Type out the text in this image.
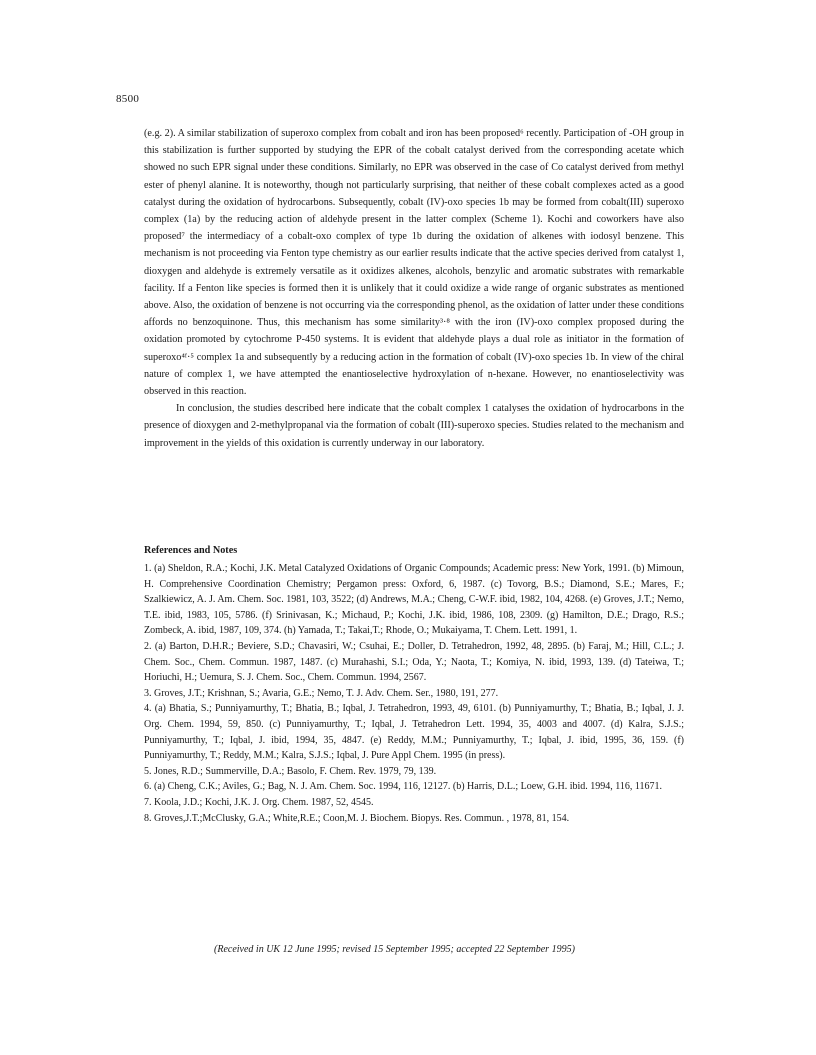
8500

(e.g. 2). A similar stabilization of superoxo complex from cobalt and iron has been proposed⁶ recently. Participation of -OH group in this stabilization is further supported by studying the EPR of the cobalt catalyst derived from the corresponding acetate which showed no such EPR signal under these conditions. Similarly, no EPR was observed in the case of Co catalyst derived from methyl ester of phenyl alanine. It is noteworthy, though not particularly surprising, that neither of these cobalt complexes acted as a good catalyst during the oxidation of hydrocarbons. Subsequently, cobalt (IV)-oxo species 1b may be formed from cobalt(III) superoxo complex (1a) by the reducing action of aldehyde present in the latter complex (Scheme 1). Kochi and coworkers have also proposed⁷ the intermediacy of a cobalt-oxo complex of type 1b during the oxidation of alkenes with iodosyl benzene. This mechanism is not proceeding via Fenton type chemistry as our earlier results indicate that the active species derived from catalyst 1, dioxygen and aldehyde is extremely versatile as it oxidizes alkenes, alcohols, benzylic and aromatic substrates with remarkable facility. If a Fenton like species is formed then it is unlikely that it could oxidize a wide range of organic substrates as mentioned above. Also, the oxidation of benzene is not occurring via the corresponding phenol, as the oxidation of latter under these conditions affords no benzoquinone. Thus, this mechanism has some similarity³·⁸ with the iron (IV)-oxo complex proposed during the oxidation promoted by cytochrome P-450 systems. It is evident that aldehyde plays a dual role as initiator in the formation of superoxo⁴ᶠ·⁵ complex 1a and subsequently by a reducing action in the formation of cobalt (IV)-oxo species 1b. In view of the chiral nature of complex 1, we have attempted the enantioselective hydroxylation of n-hexane. However, no enantioselectivity was observed in this reaction.

In conclusion, the studies described here indicate that the cobalt complex 1 catalyses the oxidation of hydrocarbons in the presence of dioxygen and 2-methylpropanal via the formation of cobalt (III)-superoxo species. Studies related to the mechanism and improvement in the yields of this oxidation is currently underway in our laboratory.

References and Notes
1. (a) Sheldon, R.A.; Kochi, J.K. Metal Catalyzed Oxidations of Organic Compounds; Academic press: New York, 1991. (b) Mimoun, H. Comprehensive Coordination Chemistry; Pergamon press: Oxford, 6, 1987. (c) Tovorg, B.S.; Diamond, S.E.; Mares, F.; Szalkiewicz, A. J. Am. Chem. Soc. 1981, 103, 3522; (d) Andrews, M.A.; Cheng, C-W.F. ibid, 1982, 104, 4268. (e) Groves, J.T.; Nemo, T.E. ibid, 1983, 105, 5786. (f) Srinivasan, K.; Michaud, P.; Kochi, J.K. ibid, 1986, 108, 2309. (g) Hamilton, D.E.; Drago, R.S.; Zombeck, A. ibid, 1987, 109, 374. (h) Yamada, T.; Takai,T.; Rhode, O.; Mukaiyama, T. Chem. Lett. 1991, 1.
2. (a) Barton, D.H.R.; Beviere, S.D.; Chavasiri, W.; Csuhai, E.; Doller, D. Tetrahedron, 1992, 48, 2895. (b) Faraj, M.; Hill, C.L.; J. Chem. Soc., Chem. Commun. 1987, 1487. (c) Murahashi, S.I.; Oda, Y.; Naota, T.; Komiya, N. ibid, 1993, 139. (d) Tateiwa, T.; Horiuchi, H.; Uemura, S. J. Chem. Soc., Chem. Commun. 1994, 2567.
3. Groves, J.T.; Krishnan, S.; Avaria, G.E.; Nemo, T. J. Adv. Chem. Ser., 1980, 191, 277.
4. (a) Bhatia, S.; Punniyamurthy, T.; Bhatia, B.; Iqbal, J. Tetrahedron, 1993, 49, 6101. (b) Punniyamurthy, T.; Bhatia, B.; Iqbal, J. J. Org. Chem. 1994, 59, 850. (c) Punniyamurthy, T.; Iqbal, J. Tetrahedron Lett. 1994, 35, 4003 and 4007. (d) Kalra, S.J.S.; Punniyamurthy, T.; Iqbal, J. ibid, 1994, 35, 4847. (e) Reddy, M.M.; Punniyamurthy, T.; Iqbal, J. ibid, 1995, 36, 159. (f) Punniyamurthy, T.; Reddy, M.M.; Kalra, S.J.S.; Iqbal, J. Pure Appl Chem. 1995 (in press).
5. Jones, R.D.; Summerville, D.A.; Basolo, F. Chem. Rev. 1979, 79, 139.
6. (a) Cheng, C.K.; Aviles, G.; Bag, N. J. Am. Chem. Soc. 1994, 116, 12127. (b) Harris, D.L.; Loew, G.H. ibid. 1994, 116, 11671.
7. Koola, J.D.; Kochi, J.K. J. Org. Chem. 1987, 52, 4545.
8. Groves,J.T.;McClusky, G.A.; White,R.E.; Coon,M. J. Biochem. Biopys. Res. Commun. , 1978, 81, 154.
(Received in UK 12 June 1995; revised 15 September 1995; accepted 22 September 1995)
